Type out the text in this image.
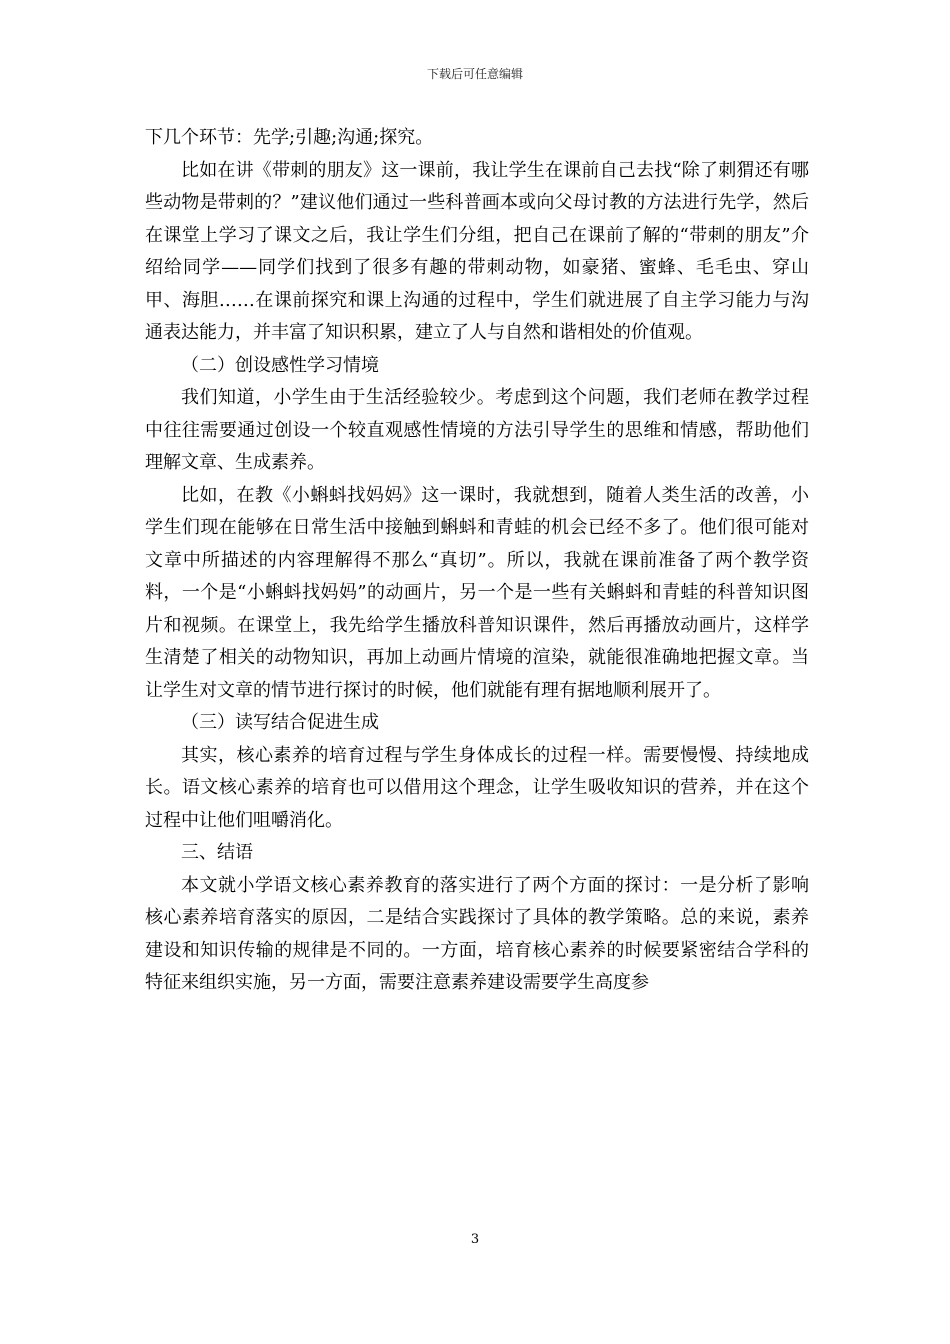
下载后可任意编辑

下几个环节：先学;引趣;沟通;探究。

比如在讲《带刺的朋友》这一课前，我让学生在课前自己去找“除了刺猬还有哪些动物是带刺的？”建议他们通过一些科普画本或向父母讨教的方法进行先学，然后在课堂上学习了课文之后，我让学生们分组，把自己在课前了解的“带刺的朋友”介绍给同学——同学们找到了很多有趣的带刺动物，如豪猪、蜜蜂、毛毛虫、穿山甲、海胆……在课前探究和课上沟通的过程中，学生们就进展了自主学习能力与沟通表达能力，并丰富了知识积累，建立了人与自然和谐相处的价值观。

（二）创设感性学习情境

我们知道，小学生由于生活经验较少。考虑到这个问题，我们老师在教学过程中往往需要通过创设一个较直观感性情境的方法引导学生的思维和情感，帮助他们理解文章、生成素养。

比如，在教《小蝌蚪找妈妈》这一课时，我就想到，随着人类生活的改善，小学生们现在能够在日常生活中接触到蝌蚪和青蛙的机会已经不多了。他们很可能对文章中所描述的内容理解得不那么“真切”。所以，我就在课前准备了两个教学资料，一个是“小蝌蚪找妈妈”的动画片，另一个是一些有关蝌蚪和青蛙的科普知识图片和视频。在课堂上，我先给学生播放科普知识课件，然后再播放动画片，这样学生清楚了相关的动物知识，再加上动画片情境的渲染，就能很准确地把握文章。当让学生对文章的情节进行探讨的时候，他们就能有理有据地顺利展开了。

（三）读写结合促进生成

其实，核心素养的培育过程与学生身体成长的过程一样。需要慢慢、持续地成长。语文核心素养的培育也可以借用这个理念，让学生吸收知识的营养，并在这个过程中让他们咀嚼消化。

三、结语

本文就小学语文核心素养教育的落实进行了两个方面的探讨：一是分析了影响核心素养培育落实的原因，二是结合实践探讨了具体的教学策略。总的来说，素养建设和知识传输的规律是不同的。一方面，培育核心素养的时候要紧密结合学科的特征来组织实施，另一方面，需要注意素养建设需要学生高度参

3
